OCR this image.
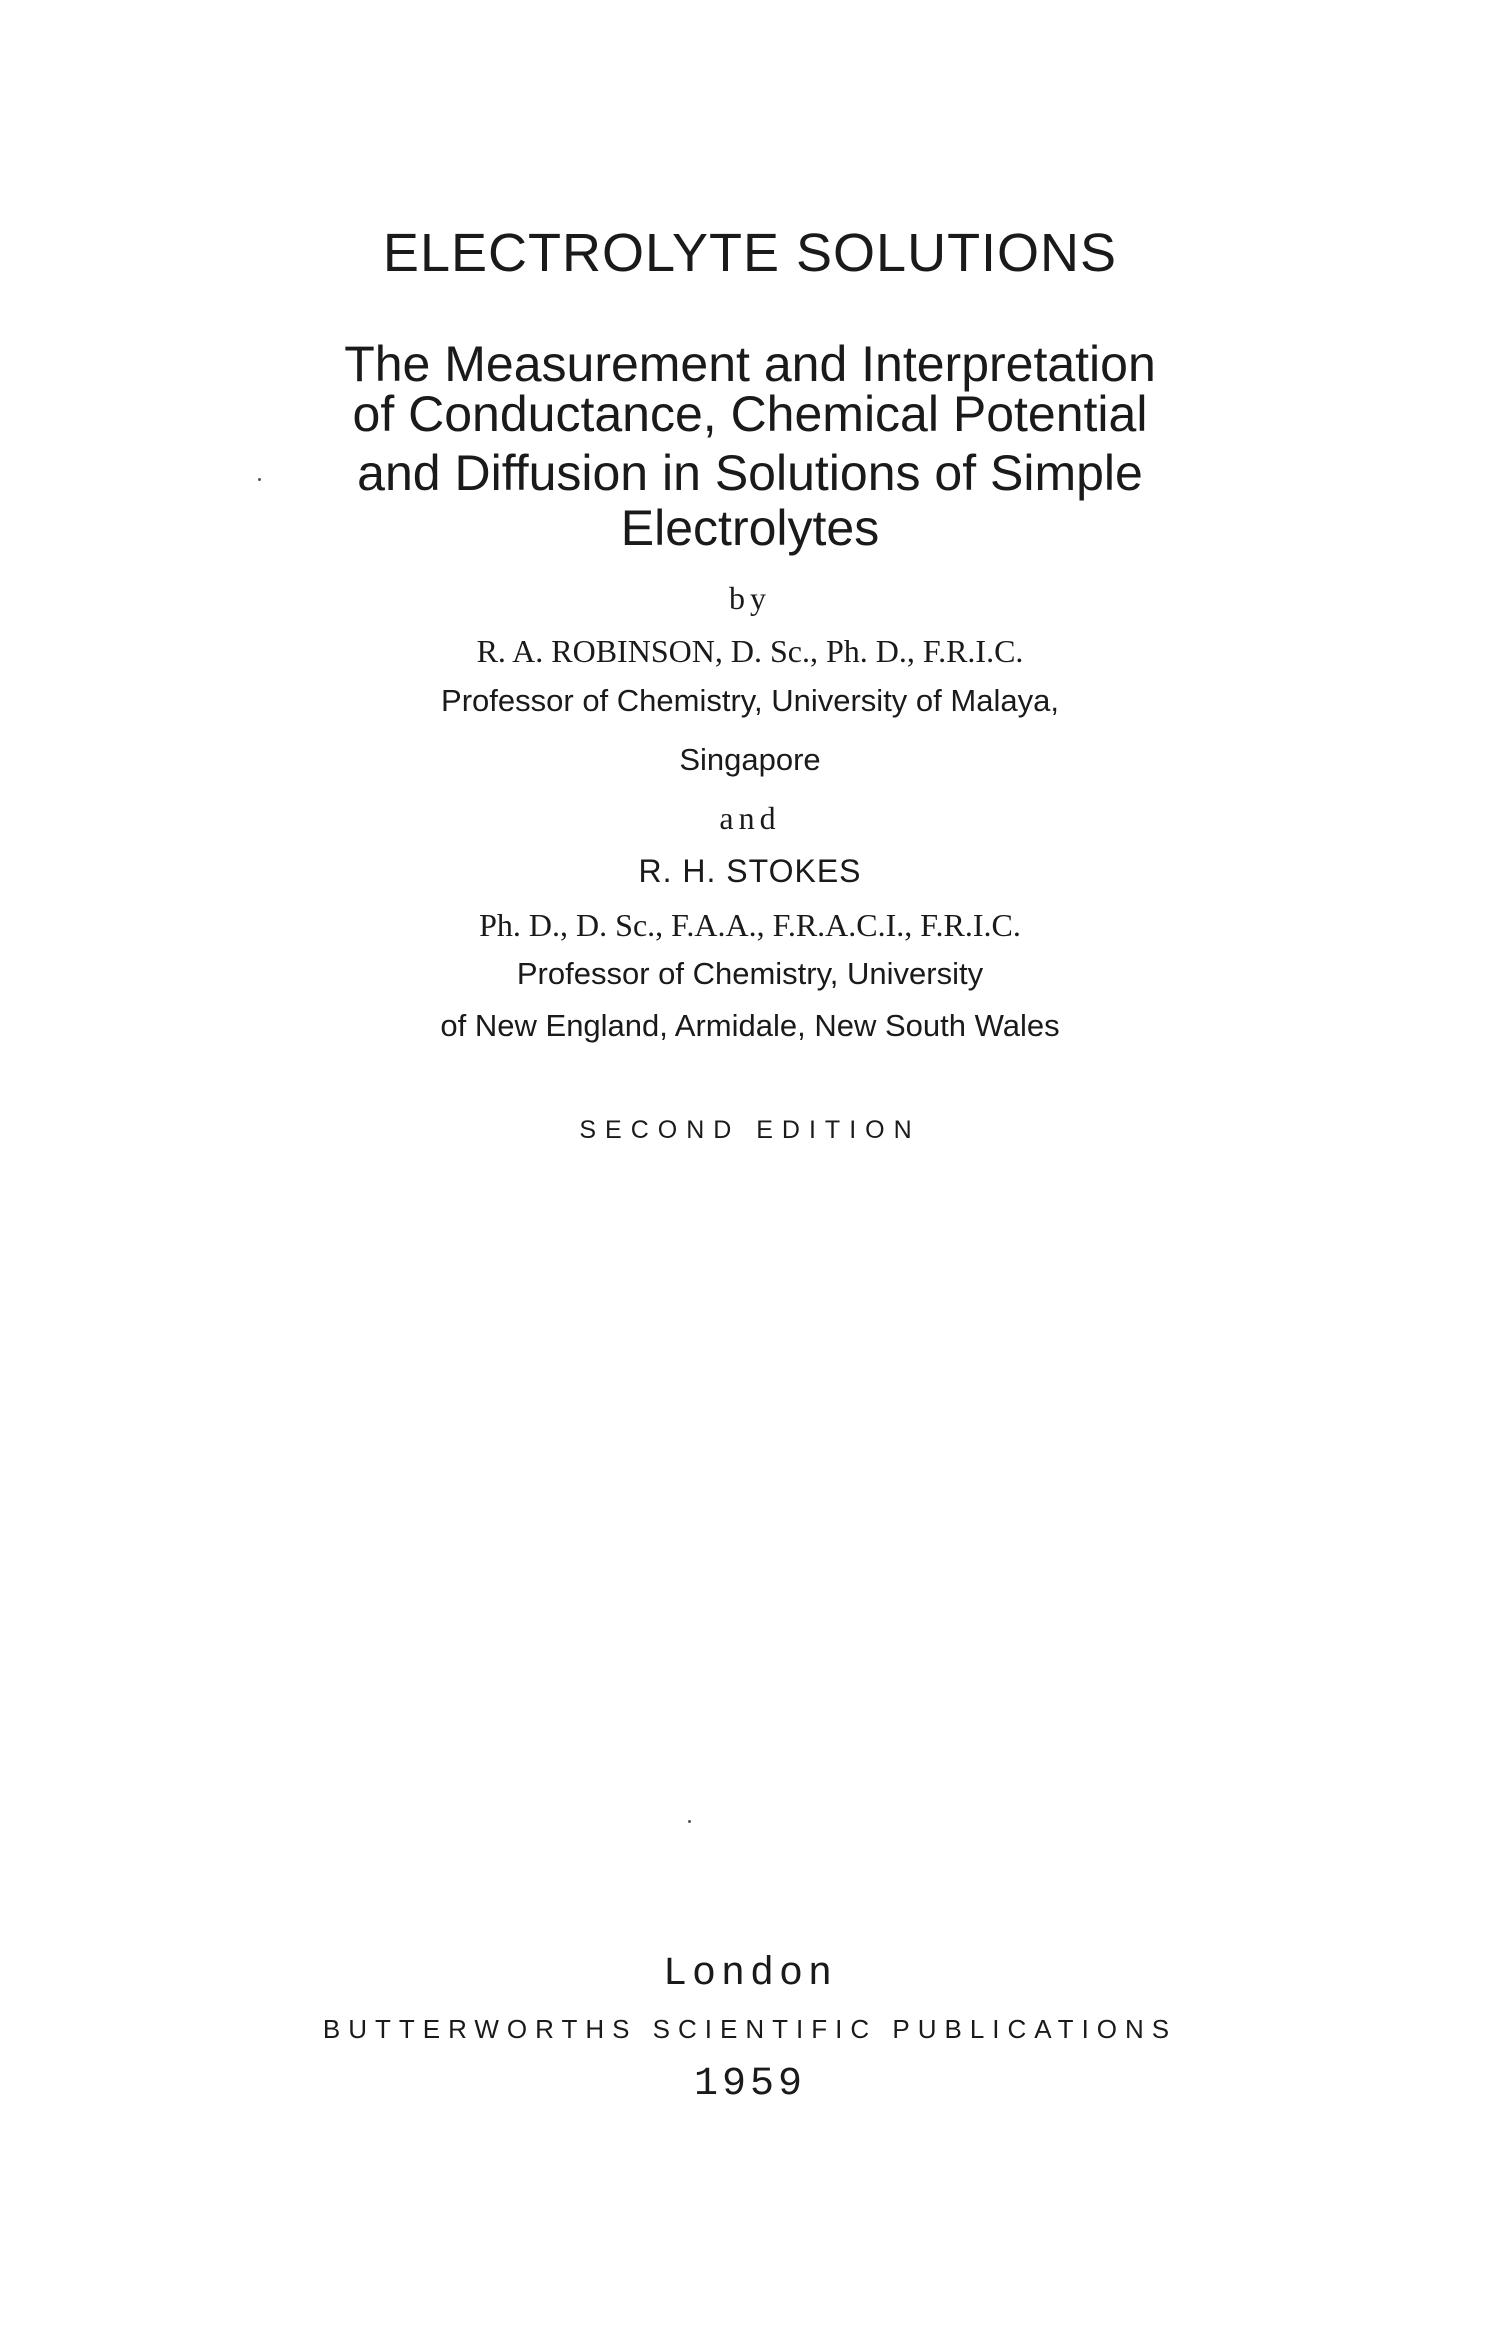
ELECTROLYTE SOLUTIONS
The Measurement and Interpretation
of Conductance, Chemical Potential
and Diffusion in Solutions of Simple
Electrolytes
by
R. A. ROBINSON, D. Sc., Ph. D., F.R.I.C.
Professor of Chemistry, University of Malaya,
Singapore
and
R. H. STOKES
Ph. D., D. Sc., F.A.A., F.R.A.C.I., F.R.I.C.
Professor of Chemistry, University
of New England, Armidale, New South Wales
SECOND EDITION
London
BUTTERWORTHS SCIENTIFIC PUBLICATIONS
1959
